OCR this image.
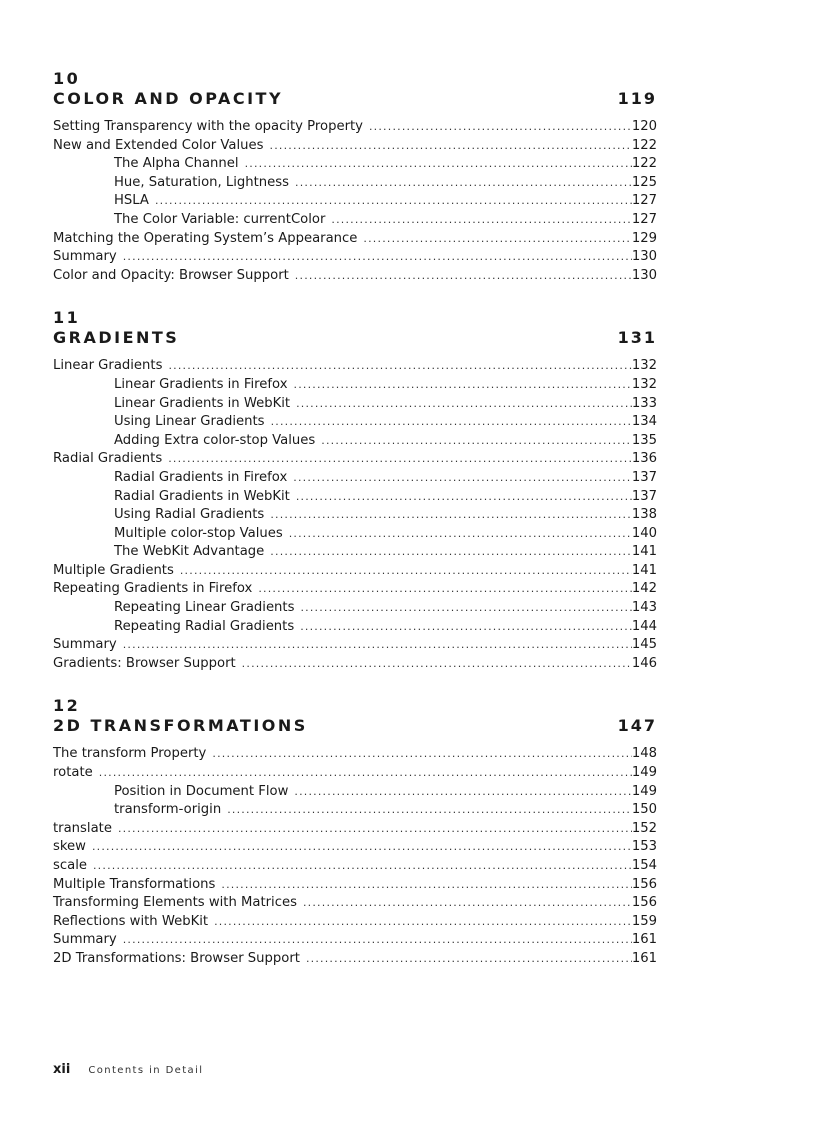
10
COLOR AND OPACITY	119
Setting Transparency with the opacity Property .....	120
New and Extended Color Values .....	122
The Alpha Channel .....	122
Hue, Saturation, Lightness .....	125
HSLA .....	127
The Color Variable: currentColor .....	127
Matching the Operating System’s Appearance .....	129
Summary .....	130
Color and Opacity: Browser Support .....	130
11
GRADIENTS	131
Linear Gradients .....	132
Linear Gradients in Firefox .....	132
Linear Gradients in WebKit .....	133
Using Linear Gradients .....	134
Adding Extra color-stop Values .....	135
Radial Gradients .....	136
Radial Gradients in Firefox .....	137
Radial Gradients in WebKit .....	137
Using Radial Gradients .....	138
Multiple color-stop Values .....	140
The WebKit Advantage .....	141
Multiple Gradients .....	141
Repeating Gradients in Firefox .....	142
Repeating Linear Gradients .....	143
Repeating Radial Gradients .....	144
Summary .....	145
Gradients: Browser Support .....	146
12
2D TRANSFORMATIONS	147
The transform Property .....	148
rotate .....	149
Position in Document Flow .....	149
transform-origin .....	150
translate .....	152
skew .....	153
scale .....	154
Multiple Transformations .....	156
Transforming Elements with Matrices .....	156
Reflections with WebKit .....	159
Summary .....	161
2D Transformations: Browser Support .....	161
xii Contents in Detail
